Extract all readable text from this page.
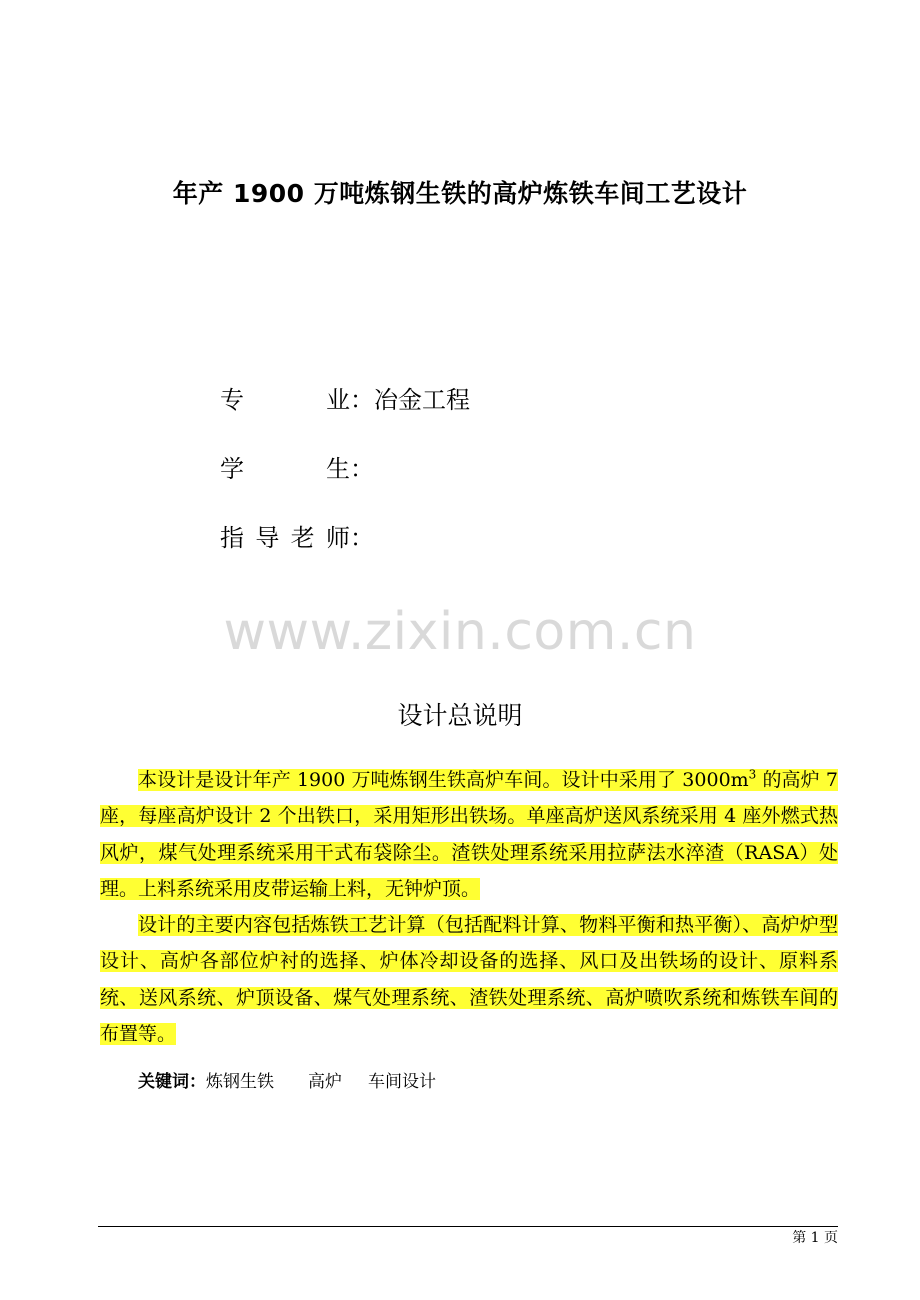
年产 1900 万吨炼钢生铁的高炉炼铁车间工艺设计
专业：冶金工程
学生：
指导老师：
www.zixin.com.cn
设计总说明

本设计是设计年产 1900 万吨炼钢生铁高炉车间。设计中采用了 $3000m^3$ 的高炉 7 座，每座高炉设计 2 个出铁口，采用矩形出铁场。单座高炉送风系统采用 4 座外燃式热风炉，煤气处理系统采用干式布袋除尘。渣铁处理系统采用拉萨法水淬渣（RASA）处理。上料系统采用皮带运输上料，无钟炉顶。

设计的主要内容包括炼铁工艺计算（包括配料计算、物料平衡和热平衡）、高炉炉型设计、高炉各部位炉衬的选择、炉体冷却设备的选择、风口及出铁场的设计、原料系统、送风系统、炉顶设备、煤气处理系统、渣铁处理系统、高炉喷吹系统和炼铁车间的布置等。

关键词：炼钢生铁 高炉 车间设计
第 1 页
